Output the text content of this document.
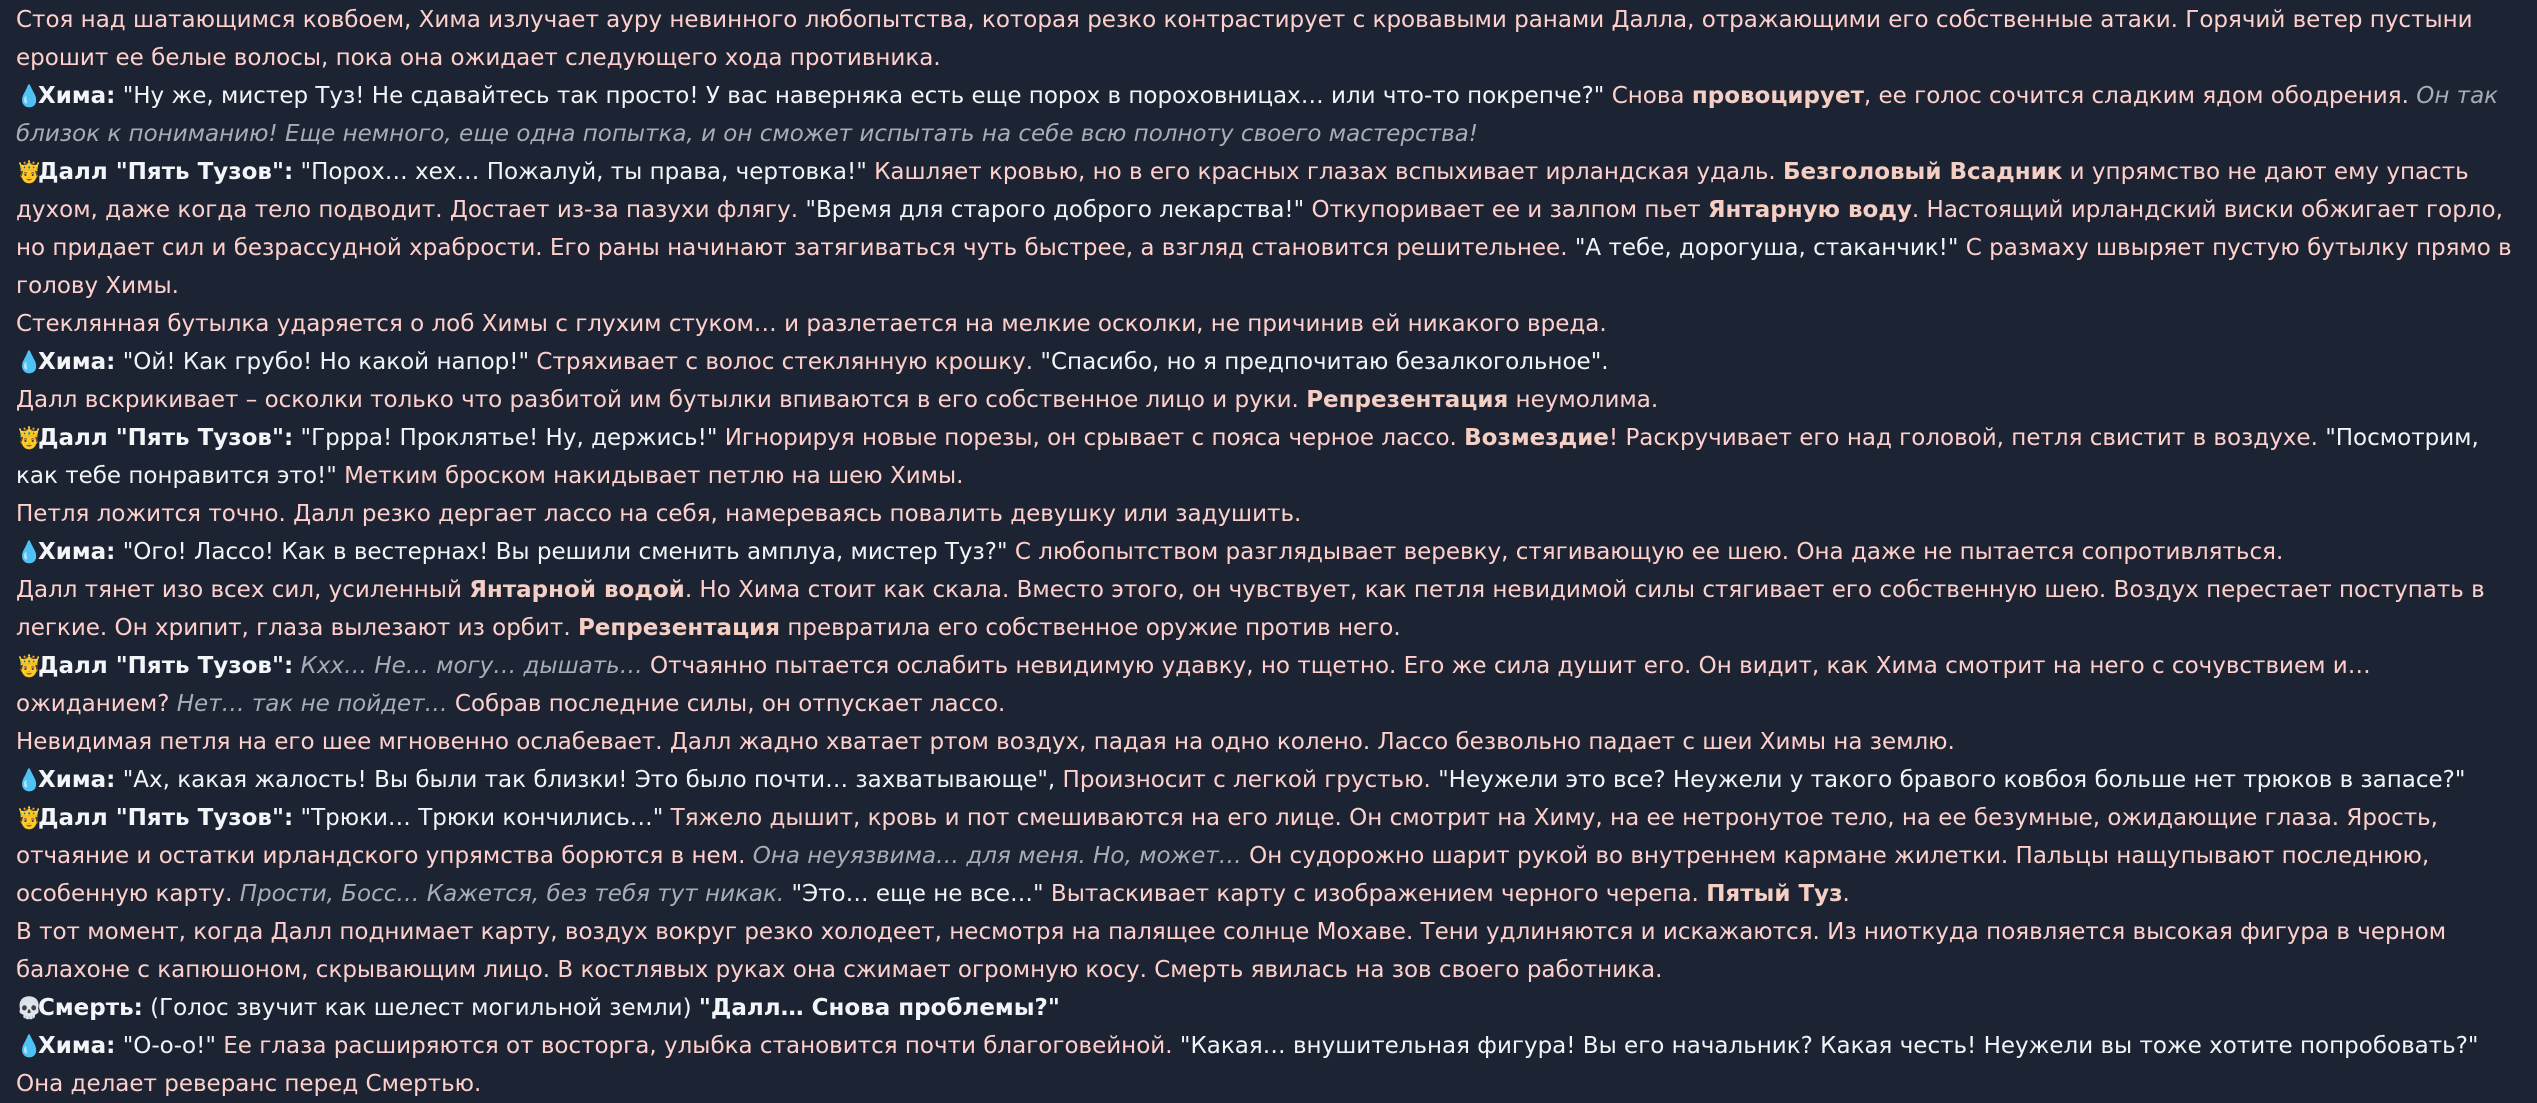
Стоя над шатающимся ковбоем, Хима излучает ауру невинного любопытства, которая резко контрастирует с кровавыми ранами Далла, отражающими его собственные атаки. Горячий ветер пустыни ерошит ее белые волосы, пока она ожидает следующего хода противника.
💧Хима: "Ну же, мистер Туз! Не сдавайтесь так просто! У вас наверняка есть еще порох в пороховницах… или что-то покрепче?" Снова провоцирует, ее голос сочится сладким ядом ободрения. Он так близок к пониманию! Еще немного, еще одна попытка, и он сможет испытать на себе всю полноту своего мастерства!
🤴Далл "Пять Тузов": "Порох… хех… Пожалуй, ты права, чертовка!" Кашляет кровью, но в его красных глазах вспыхивает ирландская удаль. Безголовый Всадник и упрямство не дают ему упасть духом, даже когда тело подводит. Достает из-за пазухи флягу. "Время для старого доброго лекарства!" Откупоривает ее и залпом пьет Янтарную воду. Настоящий ирландский виски обжигает горло, но придает сил и безрассудной храбрости. Его раны начинают затягиваться чуть быстрее, а взгляд становится решительнее. "А тебе, дорогуша, стаканчик!" С размаху швыряет пустую бутылку прямо в голову Химы.
Стеклянная бутылка ударяется о лоб Химы с глухим стуком… и разлетается на мелкие осколки, не причинив ей никакого вреда.
💧Хима: "Ой! Как грубо! Но какой напор!" Стряхивает с волос стеклянную крошку. "Спасибо, но я предпочитаю безалкогольное".
Далл вскрикивает – осколки только что разбитой им бутылки впиваются в его собственное лицо и руки. Репрезентация неумолима.
🤴Далл "Пять Тузов": "Гррра! Проклятье! Ну, держись!" Игнорируя новые порезы, он срывает с пояса черное лассо. Возмездие! Раскручивает его над головой, петля свистит в воздухе. "Посмотрим, как тебе понравится это!" Метким броском накидывает петлю на шею Химы.
Петля ложится точно. Далл резко дергает лассо на себя, намереваясь повалить девушку или задушить.
💧Хима: "Ого! Лассо! Как в вестернах! Вы решили сменить амплуа, мистер Туз?" С любопытством разглядывает веревку, стягивающую ее шею. Она даже не пытается сопротивляться.
Далл тянет изо всех сил, усиленный Янтарной водой. Но Хима стоит как скала. Вместо этого, он чувствует, как петля невидимой силы стягивает его собственную шею. Воздух перестает поступать в легкие. Он хрипит, глаза вылезают из орбит. Репрезентация превратила его собственное оружие против него.
🤴Далл "Пять Тузов": Кхх… Не… могу… дышать… Отчаянно пытается ослабить невидимую удавку, но тщетно. Его же сила душит его. Он видит, как Хима смотрит на него с сочувствием и… ожиданием? Нет… так не пойдет… Собрав последние силы, он отпускает лассо.
Невидимая петля на его шее мгновенно ослабевает. Далл жадно хватает ртом воздух, падая на одно колено. Лассо безвольно падает с шеи Химы на землю.
💧Хима: "Ах, какая жалость! Вы были так близки! Это было почти… захватывающе", Произносит с легкой грустью. "Неужели это все? Неужели у такого бравого ковбоя больше нет трюков в запасе?"
🤴Далл "Пять Тузов": "Трюки… Трюки кончились…" Тяжело дышит, кровь и пот смешиваются на его лице. Он смотрит на Химу, на ее нетронутое тело, на ее безумные, ожидающие глаза. Ярость, отчаяние и остатки ирландского упрямства борются в нем. Она неуязвима… для меня. Но, может… Он судорожно шарит рукой во внутреннем кармане жилетки. Пальцы нащупывают последнюю, особенную карту. Прости, Босс… Кажется, без тебя тут никак. "Это… еще не все…" Вытаскивает карту с изображением черного черепа. Пятый Туз.
В тот момент, когда Далл поднимает карту, воздух вокруг резко холодеет, несмотря на палящее солнце Мохаве. Тени удлиняются и искажаются. Из ниоткуда появляется высокая фигура в черном балахоне с капюшоном, скрывающим лицо. В костлявых руках она сжимает огромную косу. Смерть явилась на зов своего работника.
💀Смерть: (Голос звучит как шелест могильной земли) "Далл… Снова проблемы?"
💧Хима: "О-о-о!" Ее глаза расширяются от восторга, улыбка становится почти благоговейной. "Какая… внушительная фигура! Вы его начальник? Какая честь! Неужели вы тоже хотите попробовать?" Она делает реверанс перед Смертью.
